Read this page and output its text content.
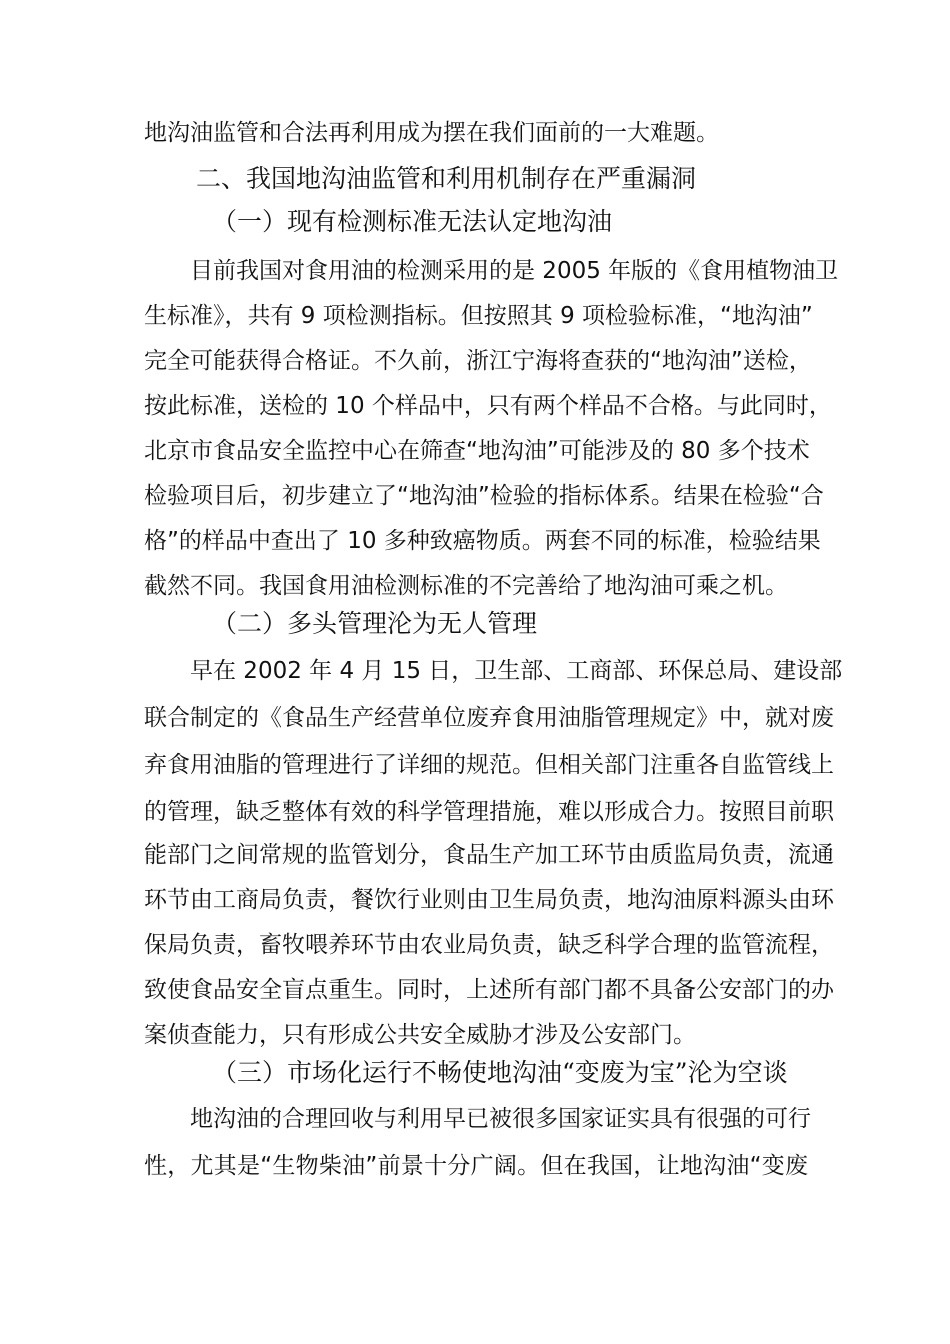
地沟油监管和合法再利用成为摆在我们面前的一大难题。
二、我国地沟油监管和利用机制存在严重漏洞
（一）现有检测标准无法认定地沟油
目前我国对食用油的检测采用的是 2005 年版的《食用植物油卫
生标准》，共有 9 项检测指标。但按照其 9 项检验标准，“地沟油”
完全可能获得合格证。不久前，浙江宁海将查获的“地沟油”送检，
按此标准，送检的 10 个样品中，只有两个样品不合格。与此同时，
北京市食品安全监控中心在筛查“地沟油”可能涉及的 80 多个技术
检验项目后，初步建立了“地沟油”检验的指标体系。结果在检验“合
格”的样品中查出了 10 多种致癌物质。两套不同的标准，检验结果
截然不同。我国食用油检测标准的不完善给了地沟油可乘之机。
（二）多头管理沦为无人管理
早在 2002 年 4 月 15 日，卫生部、工商部、环保总局、建设部
联合制定的《食品生产经营单位废弃食用油脂管理规定》中，就对废
弃食用油脂的管理进行了详细的规范。但相关部门注重各自监管线上
的管理，缺乏整体有效的科学管理措施，难以形成合力。按照目前职
能部门之间常规的监管划分，食品生产加工环节由质监局负责，流通
环节由工商局负责，餐饮行业则由卫生局负责，地沟油原料源头由环
保局负责，畜牧喂养环节由农业局负责，缺乏科学合理的监管流程，
致使食品安全盲点重生。同时，上述所有部门都不具备公安部门的办
案侦查能力，只有形成公共安全威胁才涉及公安部门。
（三）市场化运行不畅使地沟油“变废为宝”沦为空谈
地沟油的合理回收与利用早已被很多国家证实具有很强的可行
性，尤其是“生物柴油”前景十分广阔。但在我国，让地沟油“变废
